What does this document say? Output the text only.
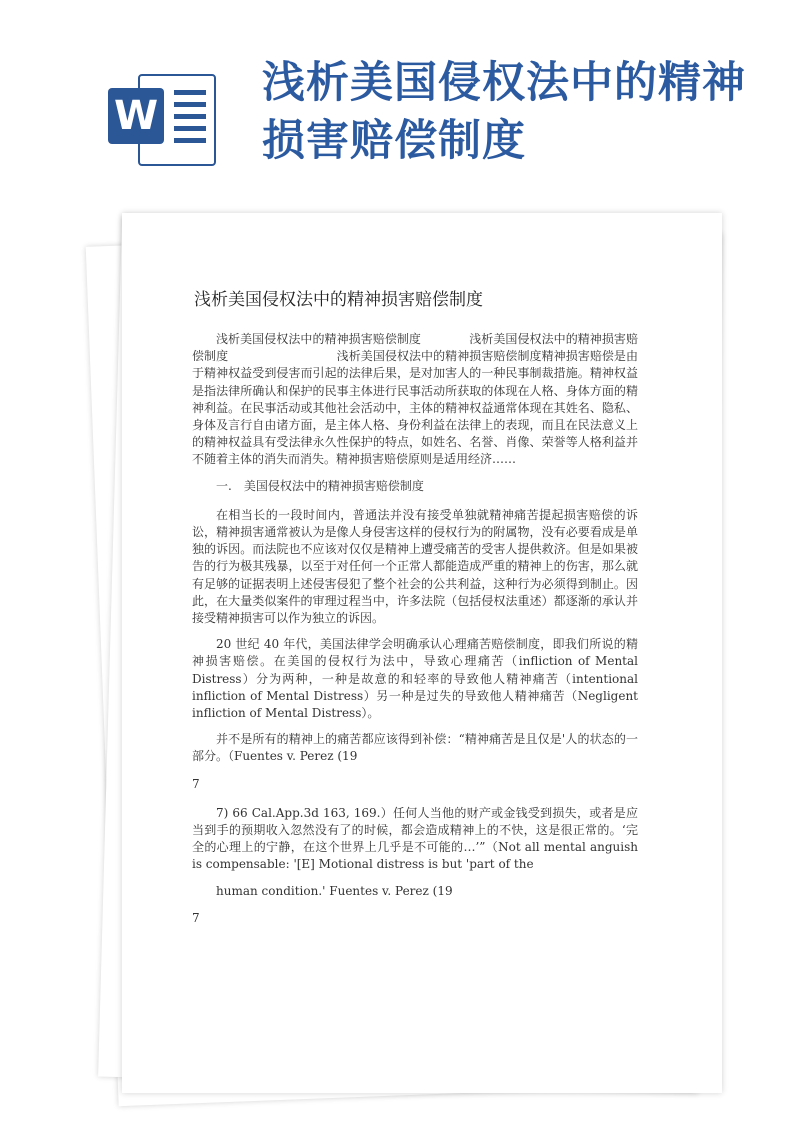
W
浅析美国侵权法中的精神损害赔偿制度
浅析美国侵权法中的精神损害赔偿制度

浅析美国侵权法中的精神损害赔偿制度　　　　浅析美国侵权法中的精神损害赔偿制度　　　　　　　　　浅析美国侵权法中的精神损害赔偿制度精神损害赔偿是由于精神权益受到侵害而引起的法律后果，是对加害人的一种民事制裁措施。精神权益是指法律所确认和保护的民事主体进行民事活动所获取的体现在人格、身体方面的精神利益。在民事活动或其他社会活动中，主体的精神权益通常体现在其姓名、隐私、身体及言行自由诸方面，是主体人格、身份利益在法律上的表现，而且在民法意义上的精神权益具有受法律永久性保护的特点，如姓名、名誉、肖像、荣誉等人格利益并不随着主体的消失而消失。精神损害赔偿原则是适用经济……

一.　美国侵权法中的精神损害赔偿制度

在相当长的一段时间内，普通法并没有接受单独就精神痛苦提起损害赔偿的诉讼，精神损害通常被认为是像人身侵害这样的侵权行为的附属物，没有必要看成是单独的诉因。而法院也不应该对仅仅是精神上遭受痛苦的受害人提供救济。但是如果被告的行为极其残暴，以至于对任何一个正常人都能造成严重的精神上的伤害，那么就有足够的证据表明上述侵害侵犯了整个社会的公共利益，这种行为必须得到制止。因此，在大量类似案件的审理过程当中，许多法院（包括侵权法重述）都逐渐的承认并接受精神损害可以作为独立的诉因。

20 世纪 40 年代，美国法律学会明确承认心理痛苦赔偿制度，即我们所说的精神损害赔偿。在美国的侵权行为法中，导致心理痛苦（infliction of Mental Distress）分为两种，一种是故意的和轻率的导致他人精神痛苦（intentional infliction of Mental Distress）另一种是过失的导致他人精神痛苦（Negligent infliction of Mental Distress）。

并不是所有的精神上的痛苦都应该得到补偿：“精神痛苦是且仅是'人的状态的一部分。（Fuentes v. Perez (19

7

7) 66 Cal.App.3d 163, 169.）任何人当他的财产或金钱受到损失，或者是应当到手的预期收入忽然没有了的时候，都会造成精神上的不快，这是很正常的。‘完全的心理上的宁静，在这个世界上几乎是不可能的…’”（Not all mental anguish is compensable: '[E] Motional distress is but 'part of the

human condition.' Fuentes v. Perez (19

7
